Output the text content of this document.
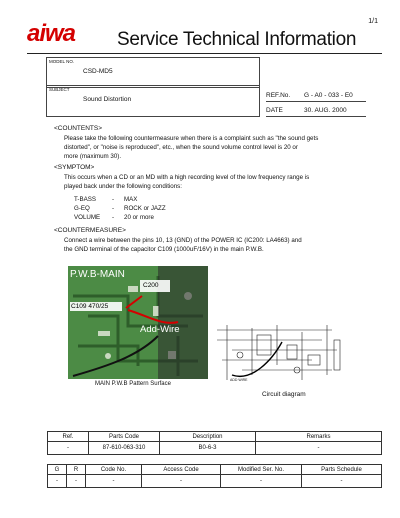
1/1
aiwa Service Technical Information
MODEL NO.
CSD-MD5
SUBJECT
Sound Distortion
REF.No. G - A0 - 033 - E0
DATE	30. AUG. 2000
<COUNTENTS>
Please take the following countermeasure when there is a complaint such as "the sound gets
distorted", or "noise is reproduced", etc., when the sound volume control level is 20 or
more (maximum 30).
<SYMPTOM>
This occurs when a CD or an MD with a high recording level of the low frequency range is
played back under the following conditions:
T-BASS	- MAX
G-EQ	- ROCK or JAZZ
VOLUME - 20 or more
<COUNTERMEASURE>
Connect a wire between the pins 10, 13 (GND) of the POWER IC (IC200: LA4663) and
the GND terminal of the capacitor C109 (1000uF/16V) in the main P.W.B.
P.W.B-MAIN
C200
C109 470/25
Add-Wire
MAIN P.W.B Pattern Surface
ADD WIRE
Circuit diagram
Ref.	Parts Code	Description	Remarks
-	87-610-063-310	B0-6-3	-
G	R	Code No.	Access Code	Modified Ser. No.	Parts Schedule
-	-	-	-	-	-
